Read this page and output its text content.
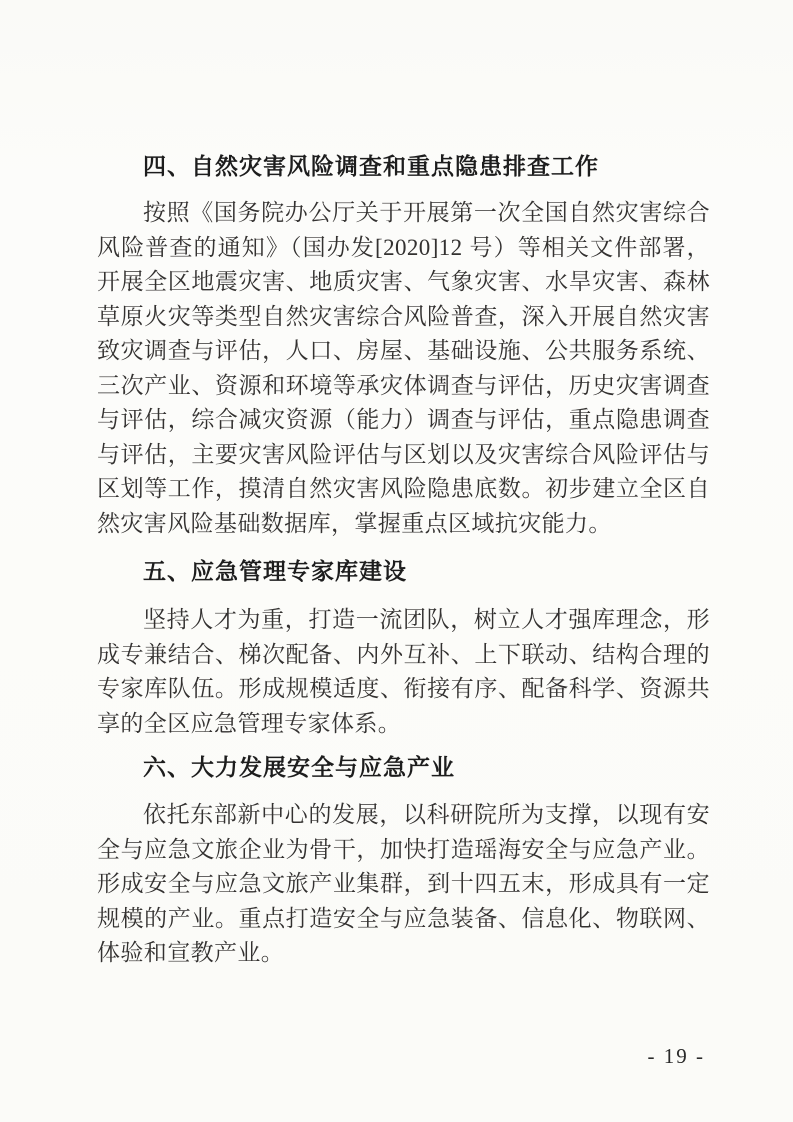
四、自然灾害风险调查和重点隐患排查工作

按照《国务院办公厅关于开展第一次全国自然灾害综合风险普查的通知》（国办发[2020]12 号）等相关文件部署，开展全区地震灾害、地质灾害、气象灾害、水旱灾害、森林草原火灾等类型自然灾害综合风险普查，深入开展自然灾害致灾调查与评估，人口、房屋、基础设施、公共服务系统、三次产业、资源和环境等承灾体调查与评估，历史灾害调查与评估，综合减灾资源（能力）调查与评估，重点隐患调查与评估，主要灾害风险评估与区划以及灾害综合风险评估与区划等工作，摸清自然灾害风险隐患底数。初步建立全区自然灾害风险基础数据库，掌握重点区域抗灾能力。

五、应急管理专家库建设

坚持人才为重，打造一流团队，树立人才强库理念，形成专兼结合、梯次配备、内外互补、上下联动、结构合理的专家库队伍。形成规模适度、衔接有序、配备科学、资源共享的全区应急管理专家体系。

六、大力发展安全与应急产业

依托东部新中心的发展，以科研院所为支撑，以现有安全与应急文旅企业为骨干，加快打造瑶海安全与应急产业。形成安全与应急文旅产业集群，到十四五末，形成具有一定规模的产业。重点打造安全与应急装备、信息化、物联网、体验和宣教产业。

- 19 -
